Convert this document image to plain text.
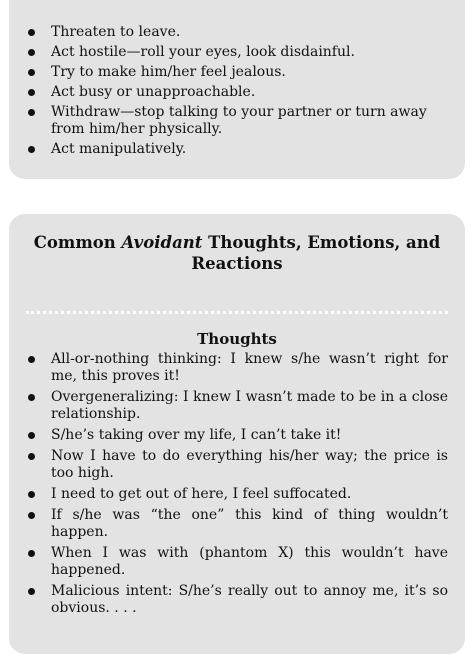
Threaten to leave.
Act hostile—roll your eyes, look disdainful.
Try to make him/her feel jealous.
Act busy or unapproachable.
Withdraw—stop talking to your partner or turn away from him/her physically.
Act manipulatively.
Common Avoidant Thoughts, Emotions, and Reactions
Thoughts
All-or-nothing thinking: I knew s/he wasn’t right for me, this proves it!
Overgeneralizing: I knew I wasn’t made to be in a close relationship.
S/he’s taking over my life, I can’t take it!
Now I have to do everything his/her way; the price is too high.
I need to get out of here, I feel suffocated.
If s/he was “the one” this kind of thing wouldn’t happen.
When I was with (phantom X) this wouldn’t have happened.
Malicious intent: S/he’s really out to annoy me, it’s so obvious. . . .
